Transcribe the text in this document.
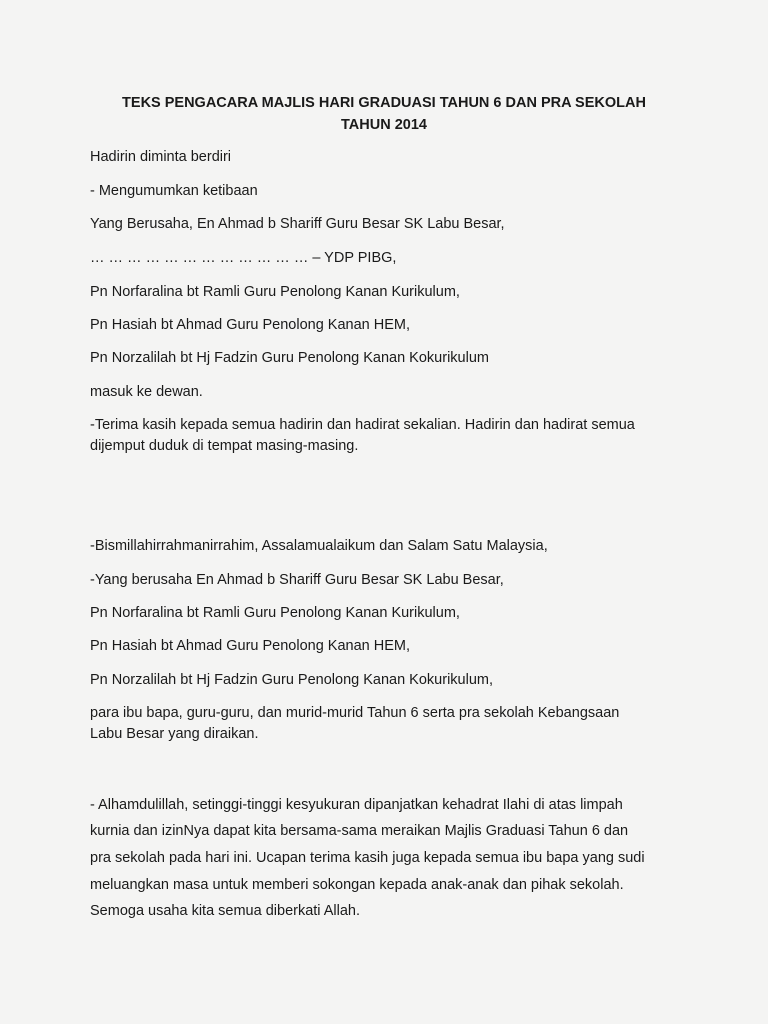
TEKS PENGACARA MAJLIS HARI GRADUASI TAHUN 6 DAN PRA SEKOLAH
TAHUN 2014
Hadirin diminta berdiri
- Mengumumkan ketibaan
Yang Berusaha, En Ahmad b Shariff Guru Besar SK Labu Besar,
… … … … … … … … … … … … – YDP PIBG,
Pn Norfaralina bt Ramli Guru Penolong Kanan Kurikulum,
Pn Hasiah bt Ahmad Guru Penolong Kanan HEM,
Pn Norzalilah bt Hj Fadzin Guru Penolong Kanan Kokurikulum
masuk ke dewan.
-Terima kasih kepada semua hadirin dan hadirat sekalian. Hadirin dan hadirat semua
dijemput duduk di tempat masing-masing.
-Bismillahirrahmanirrahim, Assalamualaikum dan Salam Satu Malaysia,
-Yang berusaha En Ahmad b Shariff Guru Besar SK Labu Besar,
Pn Norfaralina bt Ramli Guru Penolong Kanan Kurikulum,
Pn Hasiah bt Ahmad Guru Penolong Kanan HEM,
Pn Norzalilah bt Hj Fadzin Guru Penolong Kanan Kokurikulum,
para ibu bapa, guru-guru, dan murid-murid Tahun 6 serta pra sekolah Kebangsaan
Labu Besar yang diraikan.
- Alhamdulillah, setinggi-tinggi kesyukuran dipanjatkan kehadrat Ilahi di atas limpah
kurnia dan izinNya dapat kita bersama-sama meraikan Majlis Graduasi Tahun 6 dan
pra sekolah pada hari ini. Ucapan terima kasih juga kepada semua ibu bapa yang sudi
meluangkan masa untuk memberi sokongan kepada anak-anak dan pihak sekolah.
Semoga usaha kita semua diberkati Allah.
